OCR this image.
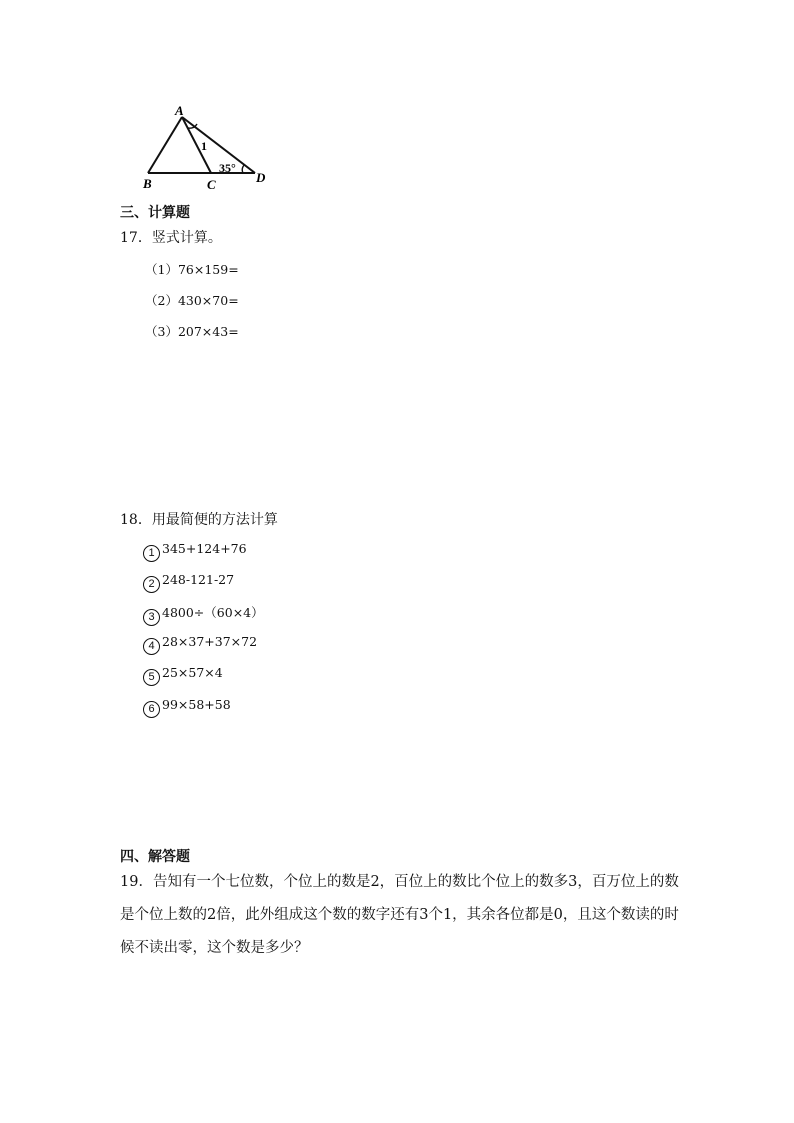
A
B	C	D
1
35°
三、计算题
17．竖式计算。
（1）76×159=
（2）430×70=
（3）207×43=
18．用最简便的方法计算
1 345+124+76
2 248-121-27
3 4800÷（60×4）
4 28×37+37×72
5 25×57×4
6 99×58+58
四、解答题
19．告知有一个七位数，个位上的数是2，百位上的数比个位上的数多3，百万位上的数是个位上数的2倍，此外组成这个数的数字还有3个1，其余各位都是0，且这个数读的时候不读出零，这个数是多少？
